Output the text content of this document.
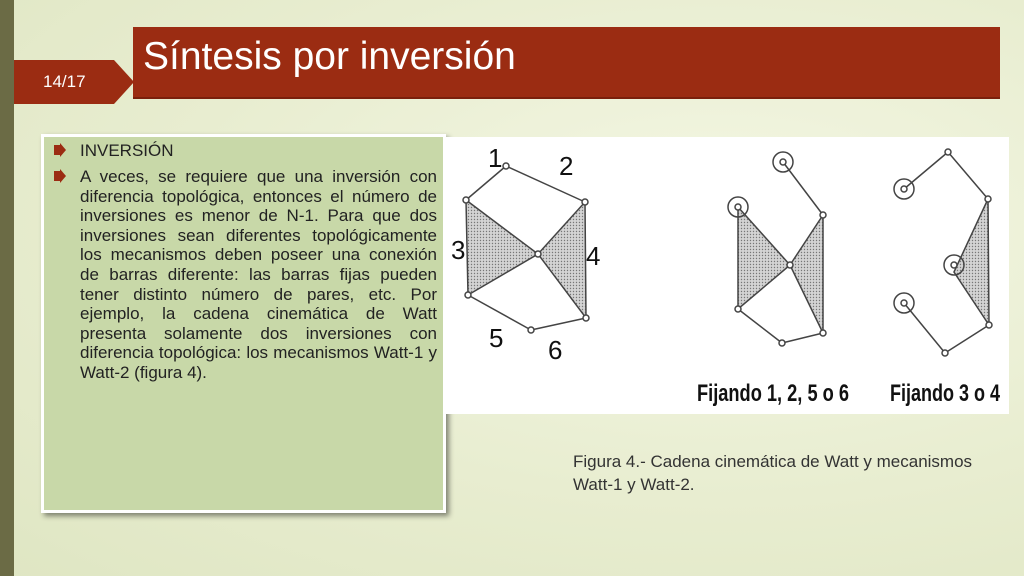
Síntesis por inversión
14/17
INVERSIÓN
A veces, se requiere que una inversión con diferencia topológica, entonces el número de inversiones es menor de N-1. Para que dos inversiones sean diferentes topológicamente los mecanismos deben poseer una conexión de barras diferente: las barras fijas pueden tener distinto número de pares, etc. Por ejemplo, la cadena cinemática de Watt presenta solamente dos inversiones con diferencia topológica: los mecanismos Watt-1 y Watt-2 (figura 4).
1 2
3	4
5 6
Fijando 1, 2, 5 o 6 Fijando 3 o 4
Figura 4.- Cadena cinemática de Watt y mecanismos Watt-1 y Watt-2.
